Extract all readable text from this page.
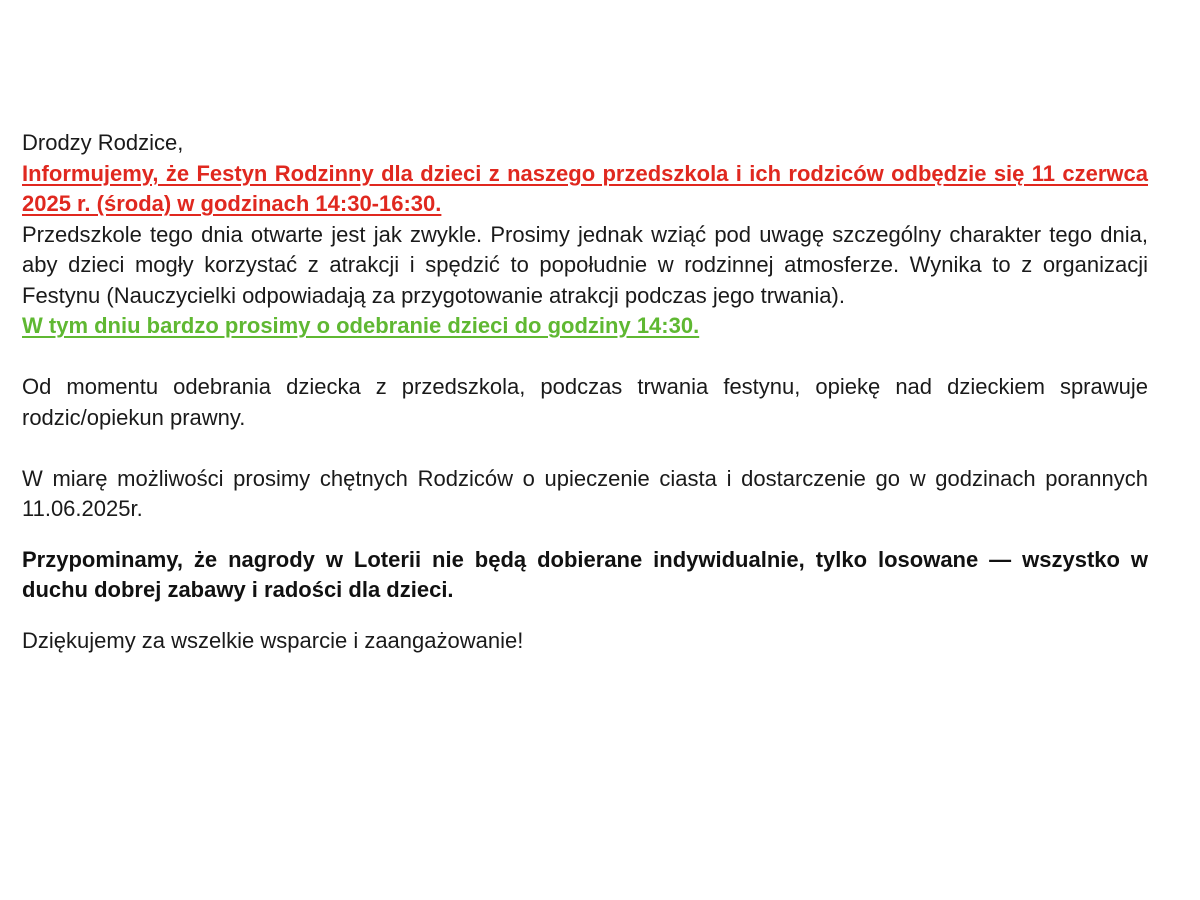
Drodzy Rodzice,

Informujemy, że Festyn Rodzinny dla dzieci z naszego przedszkola i ich rodziców odbędzie się 11 czerwca 2025 r. (środa) w godzinach 14:30-16:30.

Przedszkole tego dnia otwarte jest jak zwykle. Prosimy jednak wziąć pod uwagę szczególny charakter tego dnia, aby dzieci mogły korzystać z atrakcji i spędzić to popołudnie w rodzinnej atmosferze. Wynika to z organizacji Festynu (Nauczycielki odpowiadają za przygotowanie atrakcji podczas jego trwania).

W tym dniu bardzo prosimy o odebranie dzieci do godziny 14:30.

Od momentu odebrania dziecka z przedszkola, podczas trwania festynu, opiekę nad dzieckiem sprawuje rodzic/opiekun prawny.

W miarę możliwości prosimy chętnych Rodziców o upieczenie ciasta i dostarczenie go w godzinach porannych 11.06.2025r.

Przypominamy, że nagrody w Loterii nie będą dobierane indywidualnie, tylko losowane — wszystko w duchu dobrej zabawy i radości dla dzieci.

Dziękujemy za wszelkie wsparcie i zaangażowanie!
